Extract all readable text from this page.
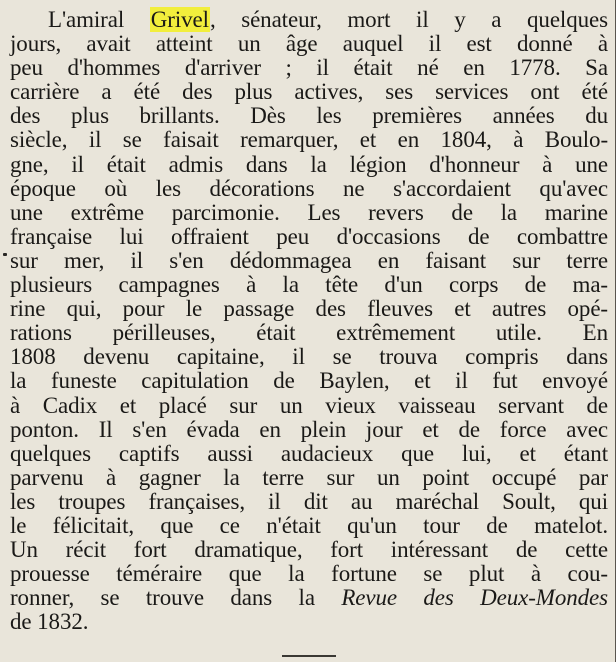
L'amiral Grivel, sénateur, mort il y a quelques
jours, avait atteint un âge auquel il est donné à
peu d'hommes d'arriver ; il était né en 1778. Sa
carrière a été des plus actives, ses services ont été
des plus brillants. Dès les premières années du
siècle, il se faisait remarquer, et en 1804, à Boulo-
gne, il était admis dans la légion d'honneur à une
époque où les décorations ne s'accordaient qu'avec
une extrême parcimonie. Les revers de la marine
française lui offraient peu d'occasions de combattre
sur mer, il s'en dédommagea en faisant sur terre
plusieurs campagnes à la tête d'un corps de ma-
rine qui, pour le passage des fleuves et autres opé-
rations périlleuses, était extrêmement utile. En
1808 devenu capitaine, il se trouva compris dans
la funeste capitulation de Baylen, et il fut envoyé
à Cadix et placé sur un vieux vaisseau servant de
ponton. Il s'en évada en plein jour et de force avec
quelques captifs aussi audacieux que lui, et étant
parvenu à gagner la terre sur un point occupé par
les troupes françaises, il dit au maréchal Soult, qui
le félicitait, que ce n'était qu'un tour de matelot.
Un récit fort dramatique, fort intéressant de cette
prouesse téméraire que la fortune se plut à cou-
ronner, se trouve dans la Revue des Deux-Mondes
de 1832.
